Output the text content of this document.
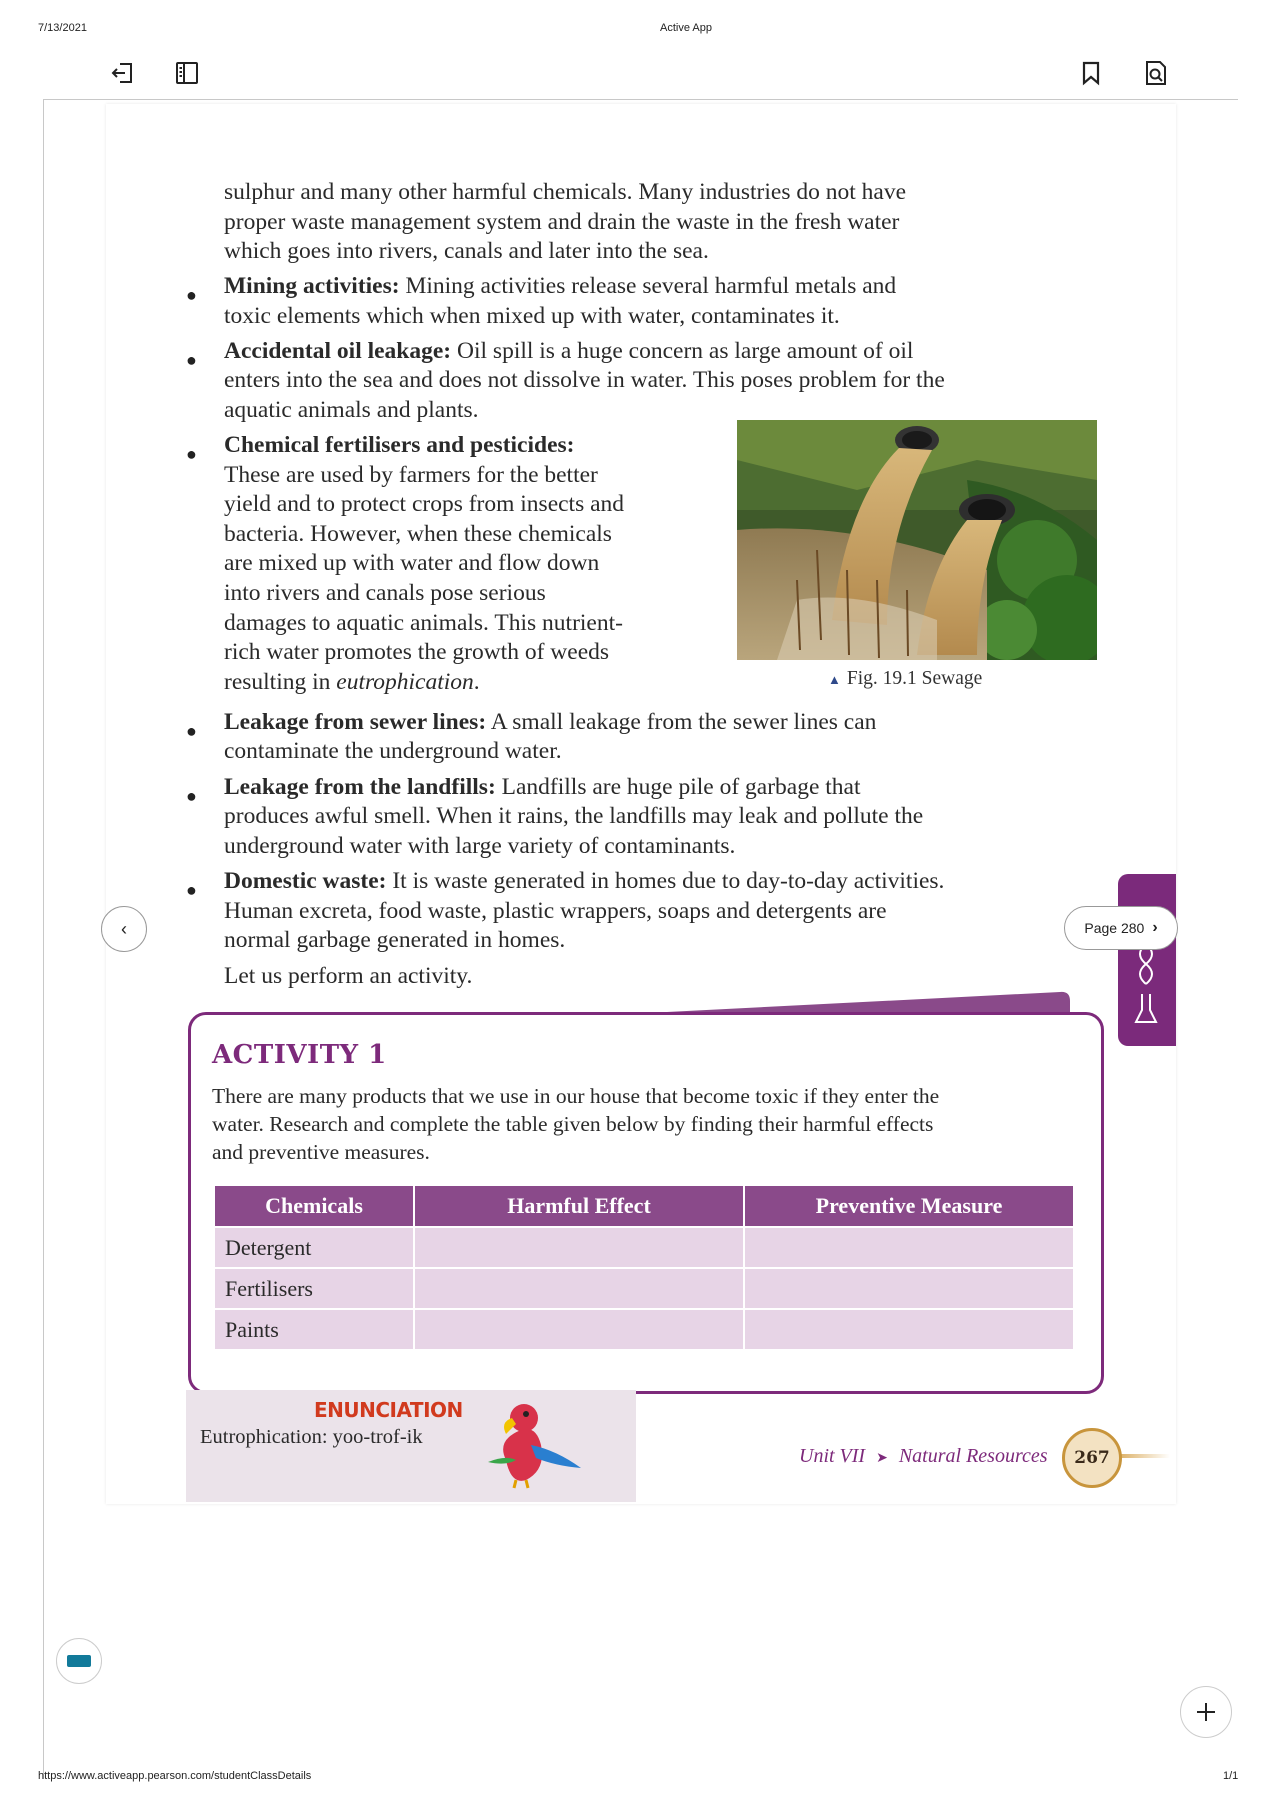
7/13/2021	Active App
sulphur and many other harmful chemicals. Many industries do not have
proper waste management system and drain the waste in the fresh water
which goes into rivers, canals and later into the sea.
● Mining activities: Mining activities release several harmful metals and
toxic elements which when mixed up with water, contaminates it.
● Accidental oil leakage: Oil spill is a huge concern as large amount of oil
enters into the sea and does not dissolve in water. This poses problem for the
aquatic animals and plants.
● Chemical fertilisers and pesticides:
These are used by farmers for the better
yield and to protect crops from insects and
bacteria. However, when these chemicals
are mixed up with water and flow down
into rivers and canals pose serious
damages to aquatic animals. This nutrient-
rich water promotes the growth of weeds
resulting in eutrophication.
● Leakage from sewer lines: A small leakage from the sewer lines can
contaminate the underground water.
● Leakage from the landfills: Landfills are huge pile of garbage that
produces awful smell. When it rains, the landfills may leak and pollute the
underground water with large variety of contaminants.
● Domestic waste: It is waste generated in homes due to day-to-day activities.
Human excreta, food waste, plastic wrappers, soaps and detergents are
normal garbage generated in homes.
Let us perform an activity.
▲ Fig. 19.1 Sewage
‹	Page 280 ›
ACTIVITY 1
There are many products that we use in our house that become toxic if they enter the
water. Research and complete the table given below by finding their harmful effects
and preventive measures.
Chemicals	Harmful Effect	Preventive Measure
Detergent		
Fertilisers		
Paints		
ENUNCIATION
Eutrophication: yoo-trof-ik
Unit VII ➤ Natural Resources	267
https://www.activeapp.pearson.com/studentClassDetails	1/1
